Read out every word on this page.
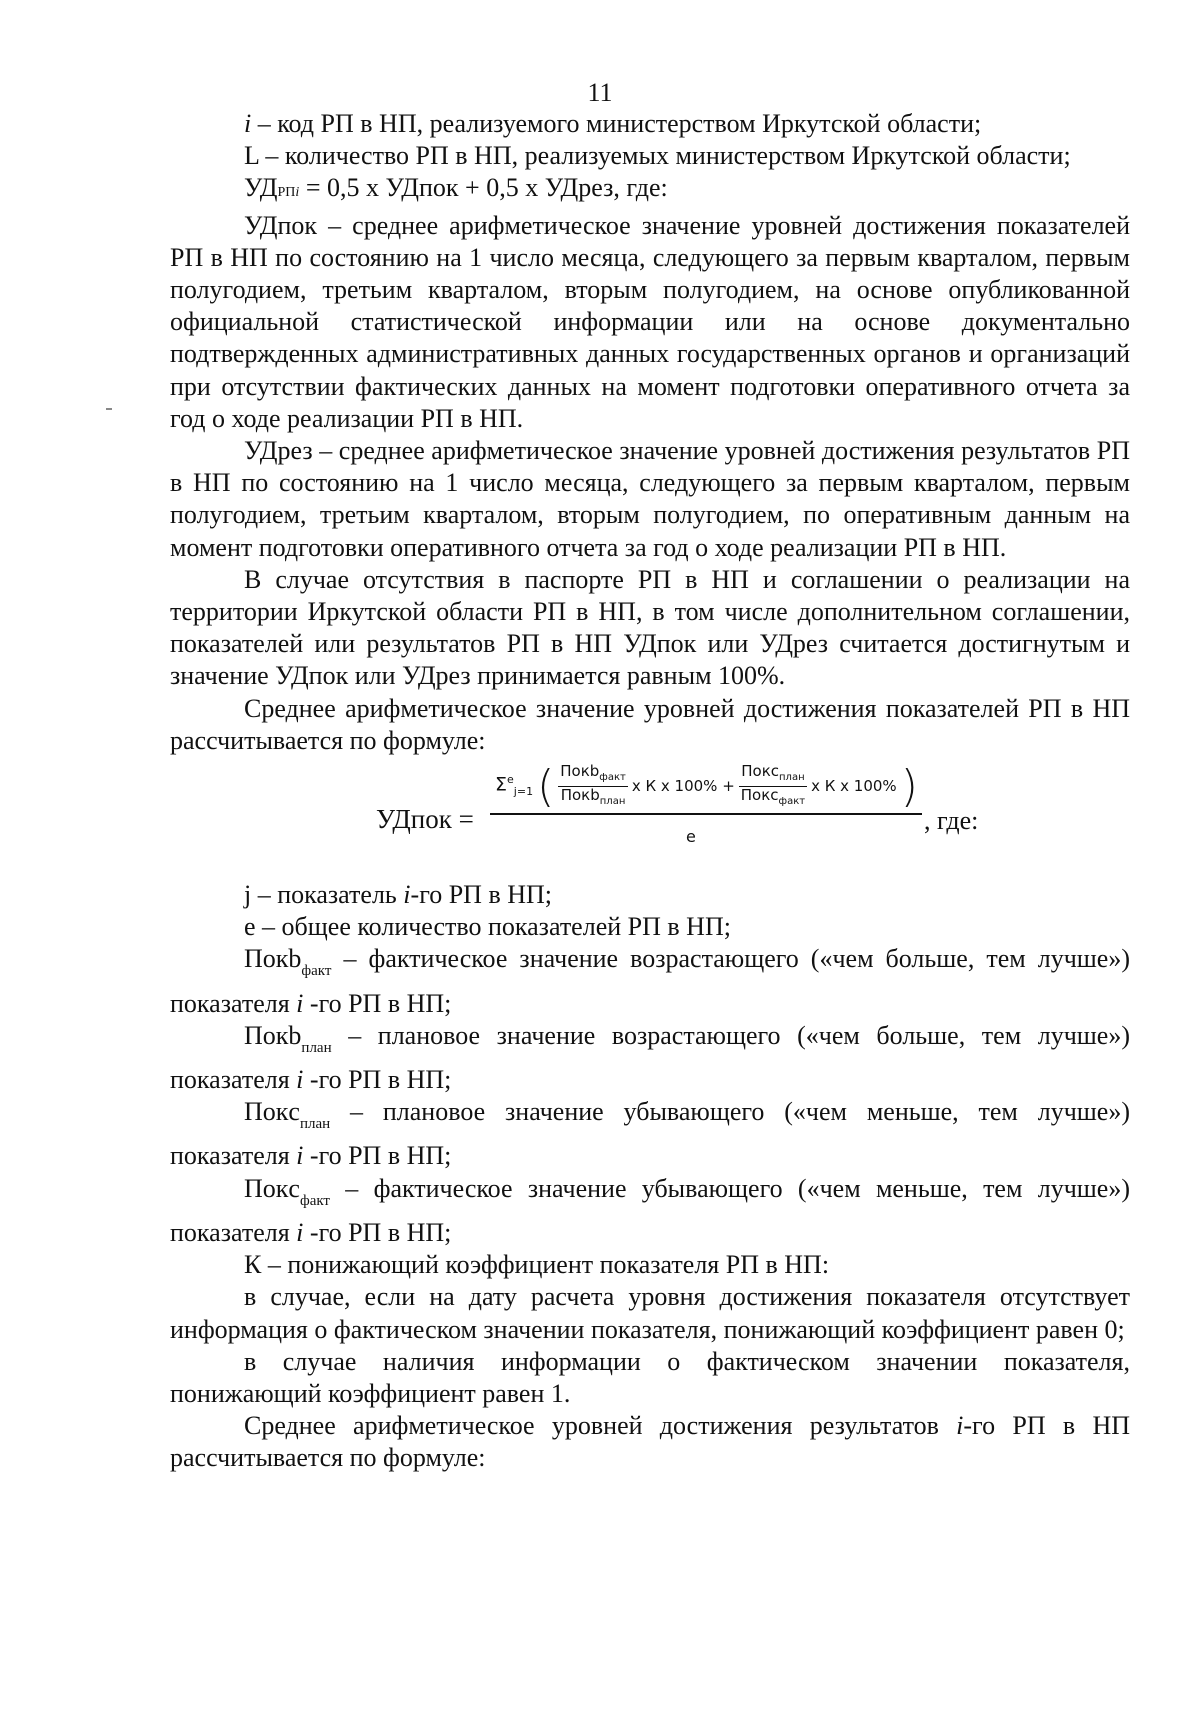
11

i – код РП в НП, реализуемого министерством Иркутской области;

L – количество РП в НП, реализуемых министерством Иркутской области;

УДРПi = 0,5 х УДпок + 0,5 х УДрез, где:

УДпок ‒ среднее арифметическое значение уровней достижения показателей РП в НП по состоянию на 1 число месяца, следующего за первым кварталом, первым полугодием, третьим кварталом, вторым полугодием, на основе опубликованной официальной статистической информации или на основе документально подтвержденных административных данных государственных органов и организаций при отсутствии фактических данных на момент подготовки оперативного отчета за год о ходе реализации РП в НП.

УДрез ‒ среднее арифметическое значение уровней достижения результатов РП в НП по состоянию на 1 число месяца, следующего за первым кварталом, первым полугодием, третьим кварталом, вторым полугодием, по оперативным данным на момент подготовки оперативного отчета за год о ходе реализации РП в НП.

В случае отсутствия в паспорте РП в НП и соглашении о реализации на территории Иркутской области РП в НП, в том числе дополнительном соглашении, показателей или результатов РП в НП УДпок или УДрез считается достигнутым и значение УДпок или УДрез принимается равным 100%.

Среднее арифметическое значение уровней достижения показателей РП в НП рассчитывается по формуле:

УДпок =
$\Sigma^e_{j=1}$ ( $\frac{Покb_{факт}}{Покb_{план}}$ х К х $100\% + \frac{Покс_{план}}{Покс_{факт}}$ х К х 100% )
е
, где:

j – показатель i-го РП в НП;

е – общее количество показателей РП в НП;

Покb$_{факт}$ ‒ фактическое значение возрастающего («чем больше, тем лучше») показателя i -го РП в НП;

Покb$_{план}$ – плановое значение возрастающего («чем больше, тем лучше») показателя i -го РП в НП;

Покc$_{план}$ – плановое значение убывающего («чем меньше, тем лучше») показателя i -го РП в НП;

Покc$_{факт}$ – фактическое значение убывающего («чем меньше, тем лучше») показателя i -го РП в НП;

К – понижающий коэффициент показателя РП в НП:

в случае, если на дату расчета уровня достижения показателя отсутствует информация о фактическом значении показателя, понижающий коэффициент равен 0;

в случае наличия информации о фактическом значении показателя, понижающий коэффициент равен 1.

Среднее арифметическое уровней достижения результатов i-го РП в НП рассчитывается по формуле:
